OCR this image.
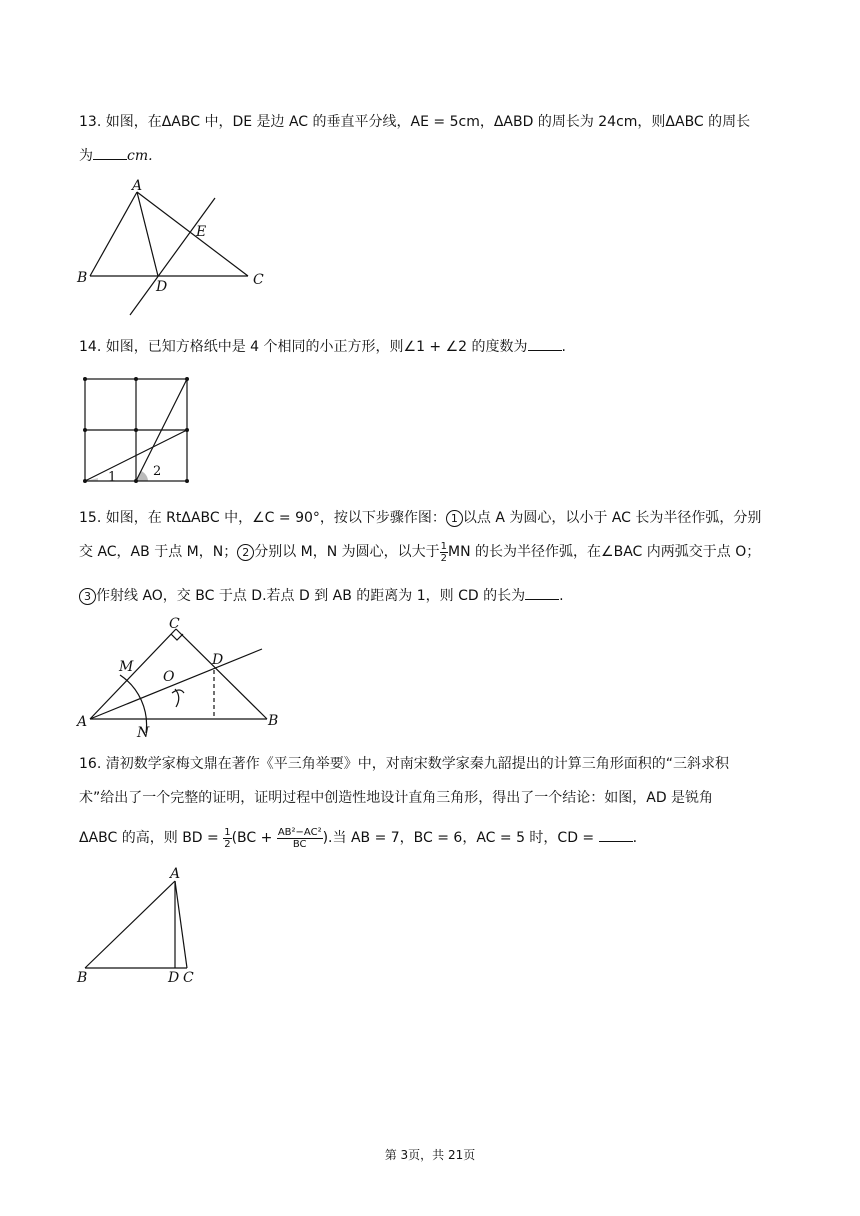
13. 如图，在ΔABC 中，DE 是边 AC 的垂直平分线，AE = 5cm，ΔABD 的周长为 24cm，则ΔABC 的周长
为 cm.
A
B	C
D
E
14. 如图，已知方格纸中是 4 个相同的小正方形，则∠1 + ∠2 的度数为 .
1	2
15. 如图，在 RtΔABC 中，∠C = 90°，按以下步骤作图： 1 以点 A 为圆心，以小于 AC 长为半径作弧，分别
交 AC，AB 于点 M，N； 2 分别以 M，N 为圆心，以大于 $\frac{1}{2}$ MN 的长为半径作弧，在∠BAC 内两弧交于点 O；
3 作射线 AO，交 BC 于点 D.若点 D 到 AB 的距离为 1，则 CD 的长为 .
A	B
C
D
M
N
O
16. 清初数学家梅文鼎在著作《平三角举要》中，对南宋数学家秦九韶提出的计算三角形面积的“三斜求积
术”给出了一个完整的证明，证明过程中创造性地设计直角三角形，得出了一个结论：如图，AD 是锐角
ΔABC 的高，则 BD = $\frac{1}{2} (BC + \frac{\text{AB²−AC²}}{BC}$ ).当 AB = 7，BC = 6，AC = 5 时，CD =	.
A
B	D C
第 3页，共 21页
